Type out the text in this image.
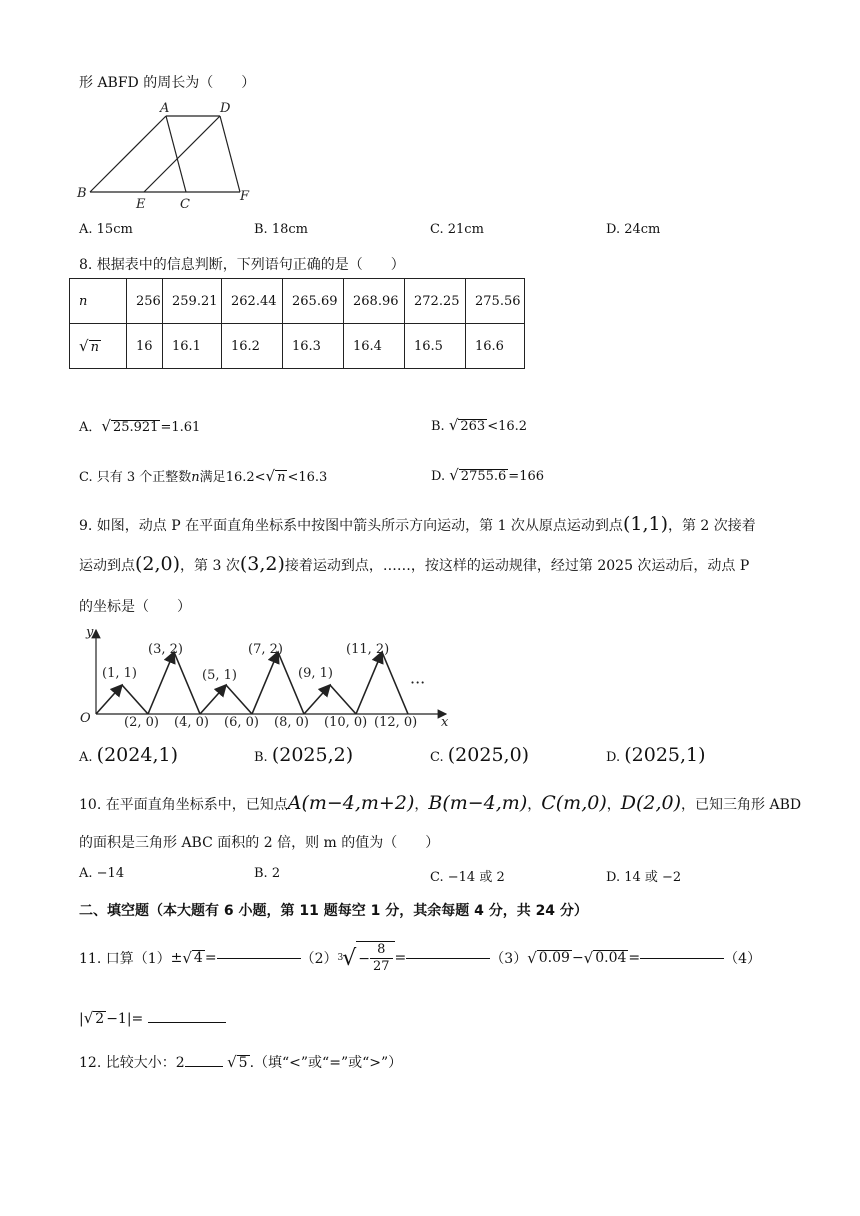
形 ABFD 的周长为（　　）
A	D
B
E	C
F
A. 15cm	B. 18cm	C. 21cm	D. 24cm
8. 根据表中的信息判断，下列语句正确的是（　　）
n	256	259.21	262.44	265.69	268.96	272.25	275.56
√ n	16	16.1	16.2	16.3	16.4	16.5	16.6
A．√ 25.921 =1.61	B. √ 263 <16.2
C. 只有 3 个正整数n满足16.2<√ n <16.3	D. √ 2755.6 =166
9. 如图，动点 P 在平面直角坐标系中按图中箭头所示方向运动，第 1 次从原点运动到点(1,1)，第 2 次接着
运动到点(2,0)，第 3 次(3,2)接着运动到点，……，按这样的运动规律，经过第 2025 次运动后，动点 P
的坐标是（　　）
y
x
O
···
(1, 1)
(3, 2)
(5, 1)
(7, 2)
(9, 1)
(11, 2)
(2, 0) (4, 0) (6, 0) (8, 0) (10, 0) (12, 0)
A. (2024,1)	B. (2025,2)	C. (2025,0)	D. (2025,1)
10. 在平面直角坐标系中，已知点A(m−4,m+2)，B(m−4,m)，C(m,0)，D(2,0)，已知三角形 ABD
的面积是三角形 ABC 面积的 2 倍，则 m 的值为（　　）
A. −14	B. 2	C. −14 或 2	D. 14 或 −2
二、填空题（本大题有 6 小题，第 11 题每空 1 分，其余每题 4 分，共 24 分）
11. 口算（1） ± √ 4 =	（2） 3 √ − $\frac{8}{27}$ =	（3） √ 0.09 − √ 0.04 =	（4）
|√ 2 −1|=
12. 比较大小：2	√ 5 .（填“<”或“=”或“>”）
